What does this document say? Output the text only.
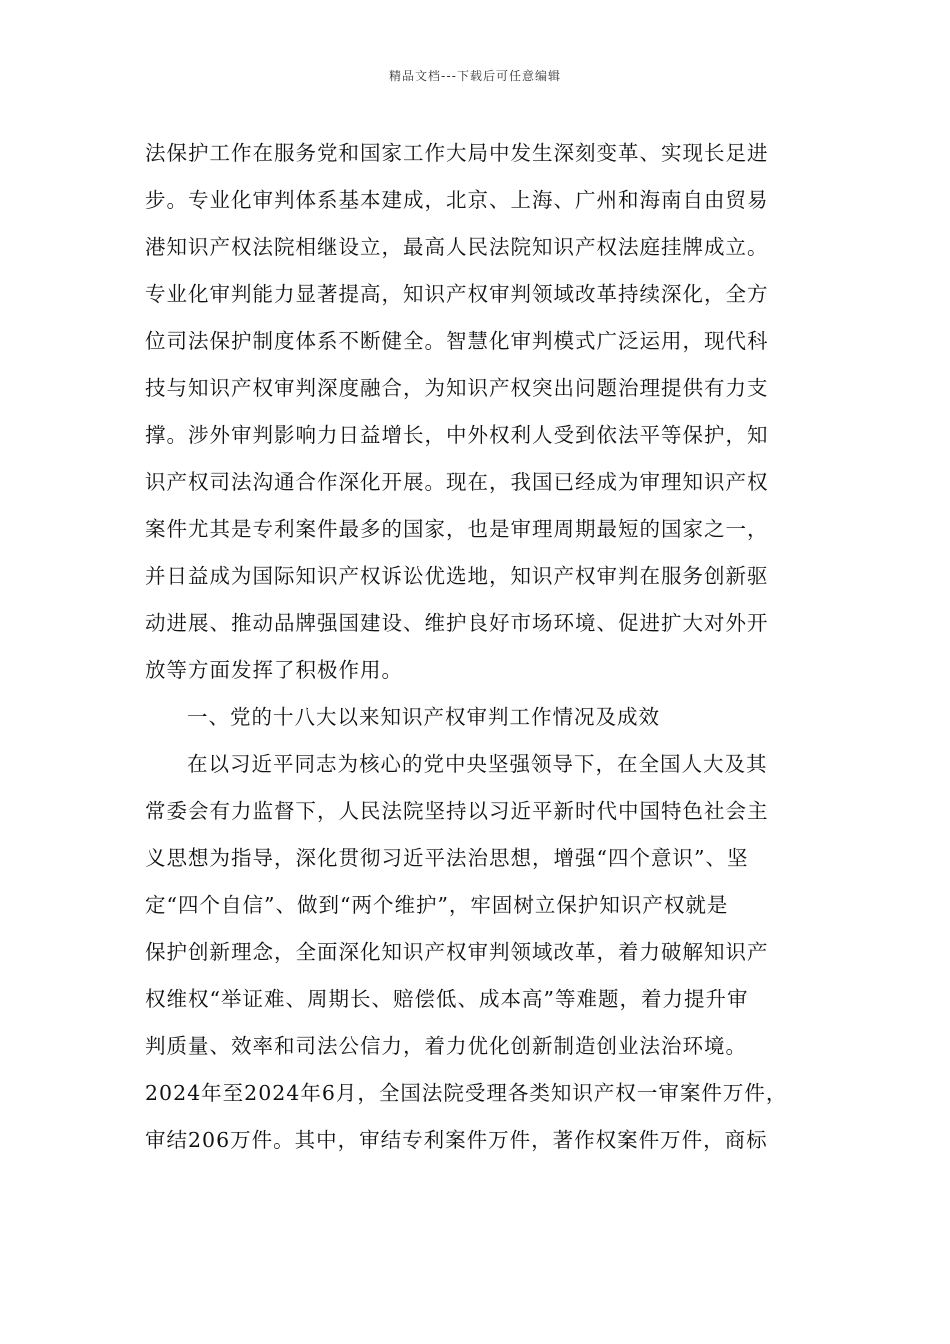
精品文档---下载后可任意编辑
法保护工作在服务党和国家工作大局中发生深刻变革、实现长足进
步。专业化审判体系基本建成，北京、上海、广州和海南自由贸易
港知识产权法院相继设立，最高人民法院知识产权法庭挂牌成立。
专业化审判能力显著提高，知识产权审判领域改革持续深化，全方
位司法保护制度体系不断健全。智慧化审判模式广泛运用，现代科
技与知识产权审判深度融合，为知识产权突出问题治理提供有力支
撑。涉外审判影响力日益增长，中外权利人受到依法平等保护，知
识产权司法沟通合作深化开展。现在，我国已经成为审理知识产权
案件尤其是专利案件最多的国家，也是审理周期最短的国家之一，
并日益成为国际知识产权诉讼优选地，知识产权审判在服务创新驱
动进展、推动品牌强国建设、维护良好市场环境、促进扩大对外开
放等方面发挥了积极作用。
一、党的十八大以来知识产权审判工作情况及成效
在以习近平同志为核心的党中央坚强领导下，在全国人大及其
常委会有力监督下，人民法院坚持以习近平新时代中国特色社会主
义思想为指导，深化贯彻习近平法治思想，增强“四个意识”、坚
定“四个自信”、做到“两个维护”，牢固树立保护知识产权就是
保护创新理念，全面深化知识产权审判领域改革，着力破解知识产
权维权“举证难、周期长、赔偿低、成本高”等难题，着力提升审
判质量、效率和司法公信力，着力优化创新制造创业法治环境。
2024年至2024年6月，全国法院受理各类知识产权一审案件万件，
审结206万件。其中，审结专利案件万件，著作权案件万件，商标
